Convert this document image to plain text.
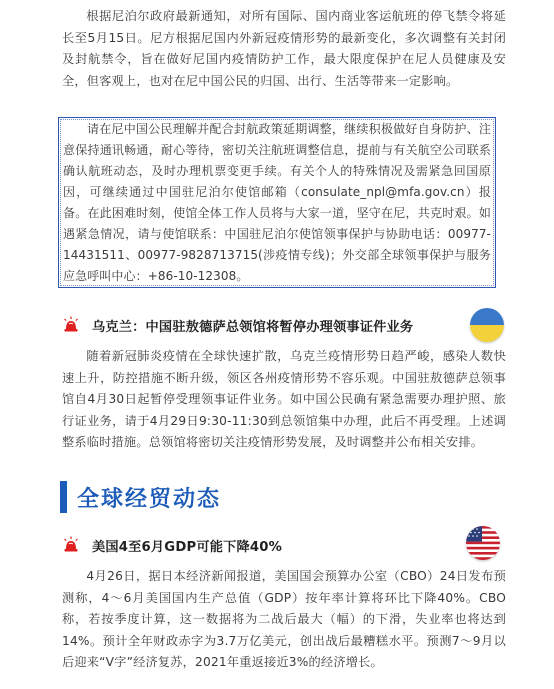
根据尼泊尔政府最新通知，对所有国际、国内商业客运航班的停飞禁令将延长至5月15日。尼方根据尼国内外新冠疫情形势的最新变化，多次调整有关封闭及封航禁令，旨在做好尼国内疫情防护工作，最大限度保护在尼人员健康及安全，但客观上，也对在尼中国公民的归国、出行、生活等带来一定影响。

请在尼中国公民理解并配合封航政策延期调整，继续积极做好自身防护、注意保持通讯畅通，耐心等待，密切关注航班调整信息，提前与有关航空公司联系确认航班动态，及时办理机票变更手续。有关个人的特殊情况及需紧急回国原因，可继续通过中国驻尼泊尔使馆邮箱（consulate_npl@mfa.gov.cn）报备。在此困难时刻，使馆全体工作人员将与大家一道，坚守在尼，共克时艰。如遇紧急情况，请与使馆联系：中国驻尼泊尔使馆领事保护与协助电话：00977-14431511、00977-9828713715(涉疫情专线)；外交部全球领事保护与服务应急呼叫中心：+86-10-12308。

乌克兰：中国驻敖德萨总领馆将暂停办理领事证件业务

随着新冠肺炎疫情在全球快速扩散，乌克兰疫情形势日趋严峻，感染人数快速上升，防控措施不断升级，领区各州疫情形势不容乐观。中国驻敖德萨总领事馆自4月30日起暂停受理领事证件业务。如中国公民确有紧急需要办理护照、旅行证业务，请于4月29日9:30-11:30到总领馆集中办理，此后不再受理。上述调整系临时措施。总领馆将密切关注疫情形势发展，及时调整并公布相关安排。

全球经贸动态
美国4至6月GDP可能下降40%

4月26日，据日本经济新闻报道，美国国会预算办公室（CBO）24日发布预测称，4～6月美国国内生产总值（GDP）按年率计算将环比下降40%。CBO称，若按季度计算，这一数据将为二战后最大（幅）的下滑，失业率也将达到14%。预计全年财政赤字为3.7万亿美元，创出战后最糟糕水平。预测7～9月以后迎来“V字”经济复苏，2021年重返接近3%的经济增长。
